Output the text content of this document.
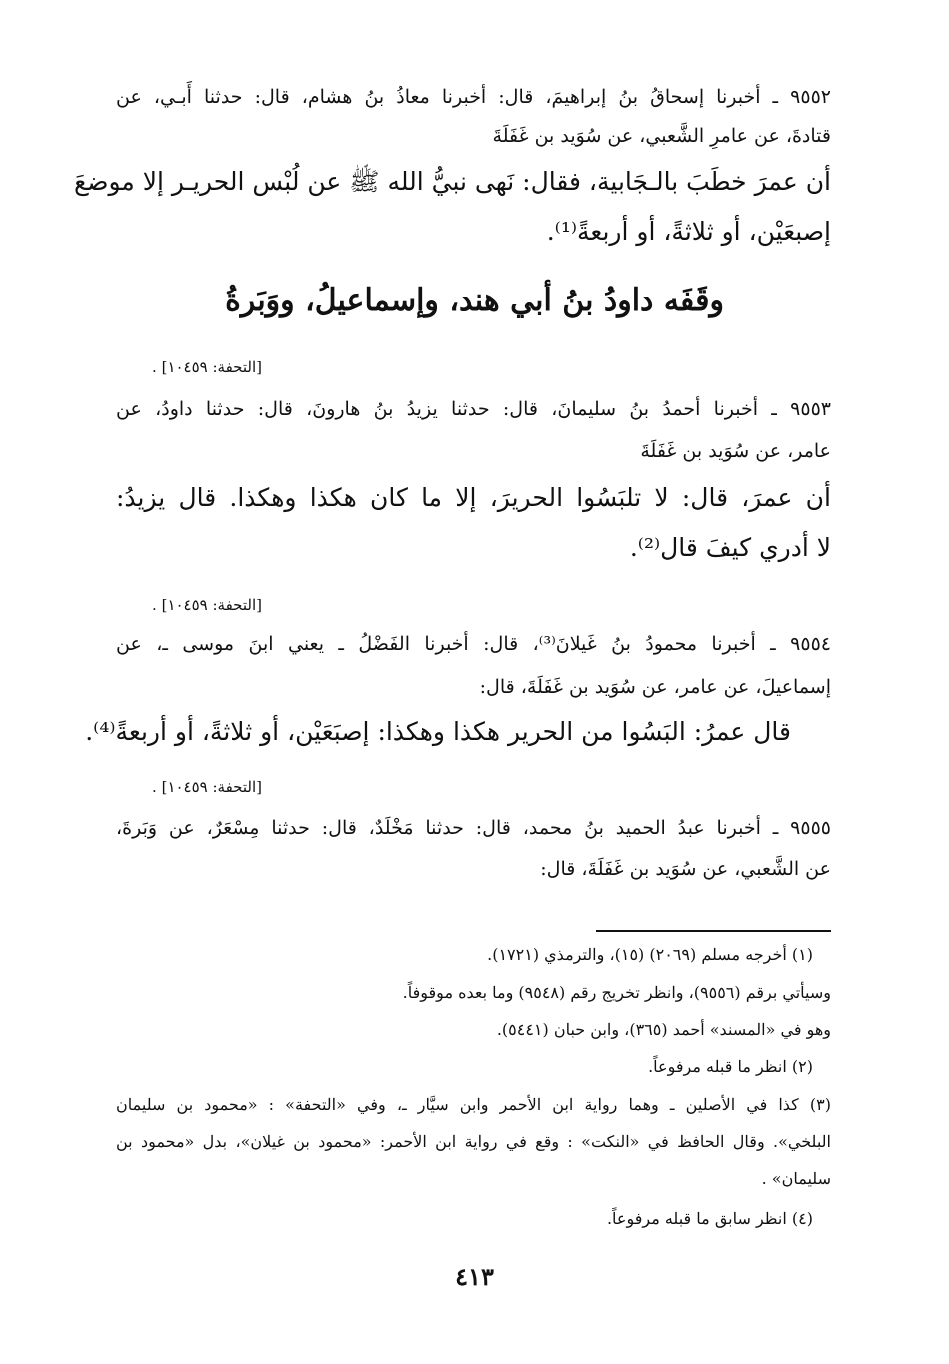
٩٥٥٢ ـ أخبرنا إسحاقُ بنُ إبراهيمَ، قال: أخبرنا معاذُ بنُ هشام، قال: حدثنا أَبـي، عن
قتادةَ، عن عامرِ الشَّعبي، عن سُوَيد بن غَفَلَةَ
أن عمرَ خطَبَ بالـجَابية، فقال: نَهى نبيُّ الله ﷺ عن لُبْس الحريـر إلا موضعَ
إصبعَيْن، أو ثلاثةً، أو أربعةً⁽¹⁾.
وقَفَه داودُ بنُ أبي هند، وإسماعيلُ، ووَبَرةُ
[التحفة: ١٠٤٥٩] .
٩٥٥٣ ـ أخبرنا أحمدُ بنُ سليمانَ، قال: حدثنا يزيدُ بنُ هارونَ، قال: حدثنا داودُ، عن
عامر، عن سُوَيد بن غَفَلَةَ
أن عمرَ، قال: لا تلبَسُوا الحريرَ، إلا ما كان هكذا وهكذا. قال يزيدُ:
لا أدري كيفَ قال⁽²⁾.
[التحفة: ١٠٤٥٩] .
٩٥٥٤ ـ أخبرنا محمودُ بنُ غَيلانَ⁽³⁾، قال: أخبرنا الفَضْلُ ـ يعني ابنَ موسى ـ، عن
إسماعيلَ، عن عامر، عن سُوَيد بن غَفَلَةَ، قال:
قال عمرُ: البَسُوا من الحرير هكذا وهكذا: إصبَعَيْن، أو ثلاثةً، أو أربعةً⁽⁴⁾.
[التحفة: ١٠٤٥٩] .
٩٥٥٥ ـ أخبرنا عبدُ الحميد بنُ محمد، قال: حدثنا مَخْلَدٌ، قال: حدثنا مِسْعَرٌ، عن وَبَرةَ،
عن الشَّعبي، عن سُوَيد بن غَفَلَةَ، قال:
(١) أخرجه مسلم (٢٠٦٩) (١٥)، والترمذي (١٧٢١).
وسيأتي برقم (٩٥٥٦)، وانظر تخريج رقم (٩٥٤٨) وما بعده موقوفاً.
وهو في «المسند» أحمد (٣٦٥)، وابن حبان (٥٤٤١).
(٢) انظر ما قبله مرفوعاً.
(٣) كذا في الأصلين ـ وهما رواية ابن الأحمر وابن سيَّار ـ، وفي «التحفة» : «محمود بن سليمان
البلخي». وقال الحافظ في «النكت» : وقع في رواية ابن الأحمر: «محمود بن غيلان»، بدل «محمود بن
سليمان» .
(٤) انظر سابق ما قبله مرفوعاً.
٤١٣
